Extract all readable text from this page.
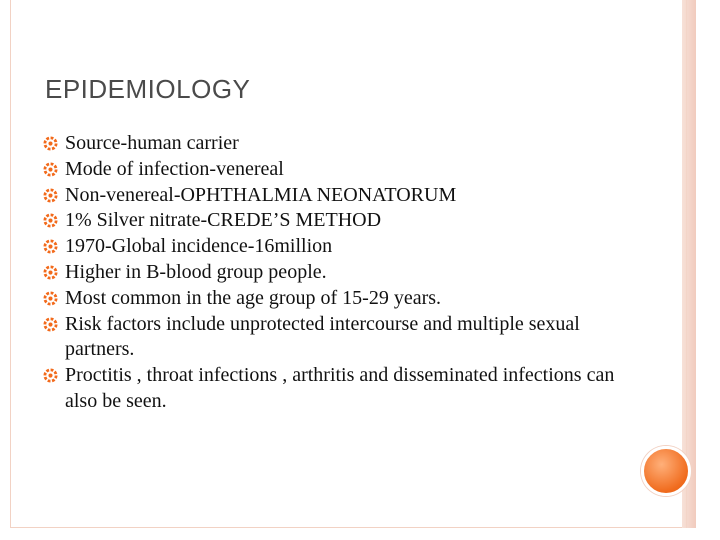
EPIDEMIOLOGY
Source-human carrier
Mode of infection-venereal
Non-venereal-OPHTHALMIA NEONATORUM
1% Silver nitrate-CREDE’S METHOD
1970-Global incidence-16million
Higher in B-blood group people.
Most common in the age group of 15-29 years.
Risk factors include unprotected intercourse and multiple sexual partners.
Proctitis , throat infections , arthritis and disseminated infections can also be seen.
